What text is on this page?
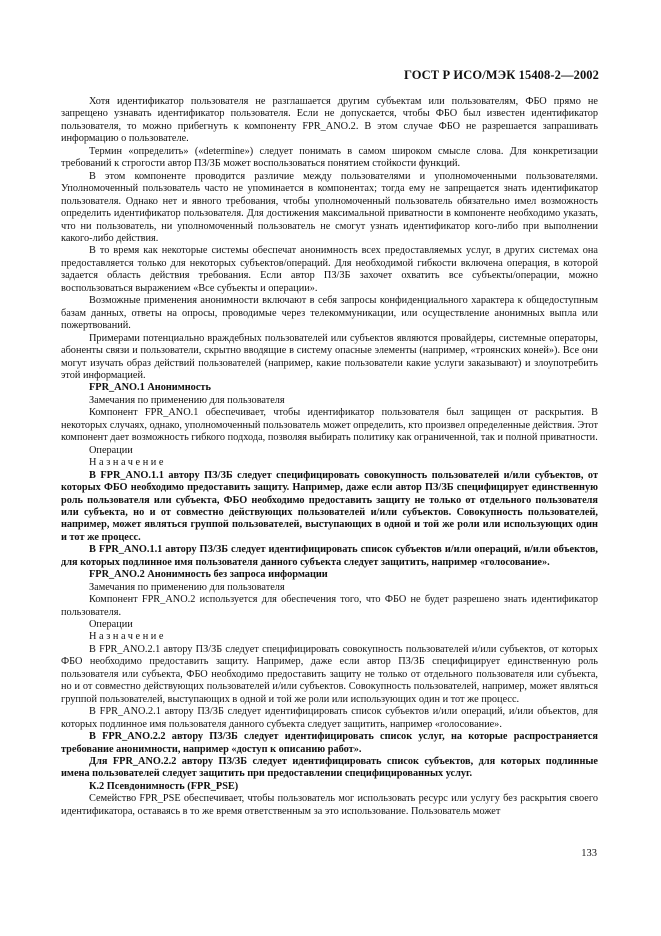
ГОСТ Р ИСО/МЭК 15408-2—2002

Хотя идентификатор пользователя не разглашается другим субъектам или пользователям, ФБО прямо не запрещено узнавать идентификатор пользователя. Если не допускается, чтобы ФБО был известен идентификатор пользователя, то можно прибегнуть к компоненту FPR_ANO.2. В этом случае ФБО не разрешается запрашивать информацию о пользователе.

Термин «определить» («determine») следует понимать в самом широком смысле слова. Для конкретизации требований к строгости автор ПЗ/ЗБ может воспользоваться понятием стойкости функций.

В этом компоненте проводится различие между пользователями и уполномоченными пользователями. Уполномоченный пользователь часто не упоминается в компонентах; тогда ему не запрещается знать идентификатор пользователя. Однако нет и явного требования, чтобы уполномоченный пользователь обязательно имел возможность определить идентификатор пользователя. Для достижения максимальной приватности в компоненте необходимо указать, что ни пользователь, ни уполномоченный пользователь не смогут узнать идентификатор кого-либо при выполнении какого-либо действия.

В то время как некоторые системы обеспечат анонимность всех предоставляемых услуг, в других системах она предоставляется только для некоторых субъектов/операций. Для необходимой гибкости включена операция, в которой задается область действия требования. Если автор ПЗ/ЗБ захочет охватить все субъекты/операции, можно воспользоваться выражением «Все субъекты и операции».

Возможные применения анонимности включают в себя запросы конфиденциального характера к общедоступным базам данных, ответы на опросы, проводимые через телекоммуникации, или осуществление анонимных выпла или пожертвований.

Примерами потенциально враждебных пользователей или субъектов являются провайдеры, системные операторы, абоненты связи и пользователи, скрытно вводящие в систему опасные элементы (например, «троянских коней»). Все они могут изучать образ действий пользователей (например, какие пользователи какие услуги заказывают) и злоупотребить этой информацией.

FPR_ANO.1 Анонимность

Замечания по применению для пользователя

Компонент FPR_ANO.1 обеспечивает, чтобы идентификатор пользователя был защищен от раскрытия. В некоторых случаях, однако, уполномоченный пользователь может определить, кто произвел определенные действия. Этот компонент дает возможность гибкого подхода, позволяя выбирать политику как ограниченной, так и полной приватности.

Операции

Назначение

В FPR_ANO.1.1 автору ПЗ/ЗБ следует специфицировать совокупность пользователей и/или субъектов, от которых ФБО необходимо предоставить защиту. Например, даже если автор ПЗ/ЗБ специфицирует единственную роль пользователя или субъекта, ФБО необходимо предоставить защиту не только от отдельного пользователя или субъекта, но и от совместно действующих пользователей и/или субъектов. Совокупность пользователей, например, может являться группой пользователей, выступающих в одной и той же роли или использующих один и тот же процесс.

В FPR_ANO.1.1 автору ПЗ/ЗБ следует идентифицировать список субъектов и/или операций, и/или объектов, для которых подлинное имя пользователя данного субъекта следует защитить, например «голосование».

FPR_ANO.2 Анонимность без запроса информации

Замечания по применению для пользователя

Компонент FPR_ANO.2 используется для обеспечения того, что ФБО не будет разрешено знать идентификатор пользователя.

Операции

Назначение

В FPR_ANO.2.1 автору ПЗ/ЗБ следует специфицировать совокупность пользователей и/или субъектов, от которых ФБО необходимо предоставить защиту. Например, даже если автор ПЗ/ЗБ специфицирует единственную роль пользователя или субъекта, ФБО необходимо предоставить защиту не только от отдельного пользователя или субъекта, но и от совместно действующих пользователей и/или субъектов. Совокупность пользователей, например, может являться группой пользователей, выступающих в одной и той же роли или использующих один и тот же процесс.

В FPR_ANO.2.1 автору ПЗ/ЗБ следует идентифицировать список субъектов и/или операций, и/или объектов, для которых подлинное имя пользователя данного субъекта следует защитить, например «голосование».

В FPR_ANO.2.2 автору ПЗ/ЗБ следует идентифицировать список услуг, на которые распространяется требование анонимности, например «доступ к описанию работ».

Для FPR_ANO.2.2 автору ПЗ/ЗБ следует идентифицировать список субъектов, для которых подлинные имена пользователей следует защитить при предоставлении специфицированных услуг.

К.2 Псевдонимность (FPR_PSE)

Семейство FPR_PSE обеспечивает, чтобы пользователь мог использовать ресурс или услугу без раскрытия своего идентификатора, оставаясь в то же время ответственным за это использование. Пользователь может

133
